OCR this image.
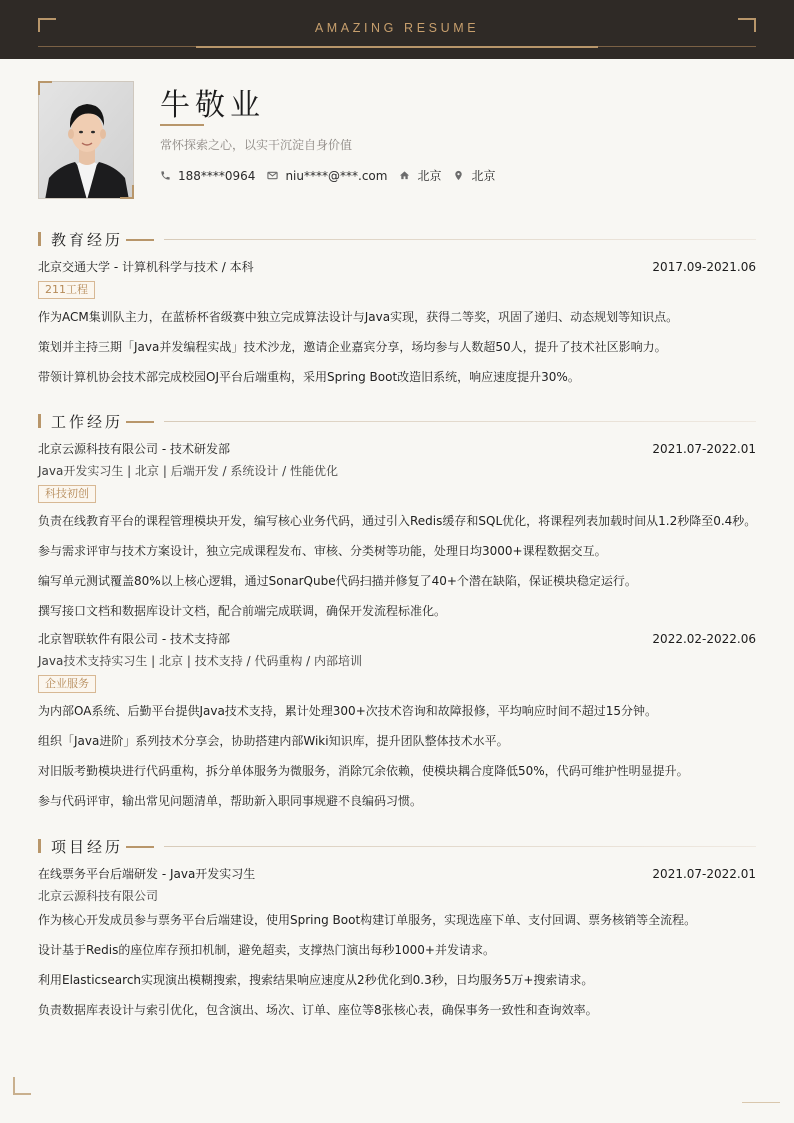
AMAZING RESUME
牛敬业
常怀探索之心，以实干沉淀自身价值
188****0964	niu****@***.com	北京	北京
教育经历
北京交通大学 - 计算机科学与技术 / 本科	2017.09-2021.06
211工程
作为ACM集训队主力，在蓝桥杯省级赛中独立完成算法设计与Java实现，获得二等奖，巩固了递归、动态规划等知识点。
策划并主持三期「Java并发编程实战」技术沙龙，邀请企业嘉宾分享，场均参与人数超50人，提升了技术社区影响力。
带领计算机协会技术部完成校园OJ平台后端重构，采用Spring Boot改造旧系统，响应速度提升30%。
工作经历
北京云源科技有限公司 - 技术研发部	2021.07-2022.01
Java开发实习生 | 北京 | 后端开发 / 系统设计 / 性能优化
科技初创
负责在线教育平台的课程管理模块开发，编写核心业务代码，通过引入Redis缓存和SQL优化，将课程列表加载时间从1.2秒降至0.4秒。
参与需求评审与技术方案设计，独立完成课程发布、审核、分类树等功能，处理日均3000+课程数据交互。
编写单元测试覆盖80%以上核心逻辑，通过SonarQube代码扫描并修复了40+个潜在缺陷，保证模块稳定运行。
撰写接口文档和数据库设计文档，配合前端完成联调，确保开发流程标准化。
北京智联软件有限公司 - 技术支持部	2022.02-2022.06
Java技术支持实习生 | 北京 | 技术支持 / 代码重构 / 内部培训
企业服务
为内部OA系统、后勤平台提供Java技术支持，累计处理300+次技术咨询和故障报修，平均响应时间不超过15分钟。
组织「Java进阶」系列技术分享会，协助搭建内部Wiki知识库，提升团队整体技术水平。
对旧版考勤模块进行代码重构，拆分单体服务为微服务，消除冗余依赖，使模块耦合度降低50%，代码可维护性明显提升。
参与代码评审，输出常见问题清单，帮助新入职同事规避不良编码习惯。
项目经历
在线票务平台后端研发 - Java开发实习生	2021.07-2022.01
北京云源科技有限公司
作为核心开发成员参与票务平台后端建设，使用Spring Boot构建订单服务，实现选座下单、支付回调、票务核销等全流程。
设计基于Redis的座位库存预扣机制，避免超卖，支撑热门演出每秒1000+并发请求。
利用Elasticsearch实现演出模糊搜索，搜索结果响应速度从2秒优化到0.3秒，日均服务5万+搜索请求。
负责数据库表设计与索引优化，包含演出、场次、订单、座位等8张核心表，确保事务一致性和查询效率。
